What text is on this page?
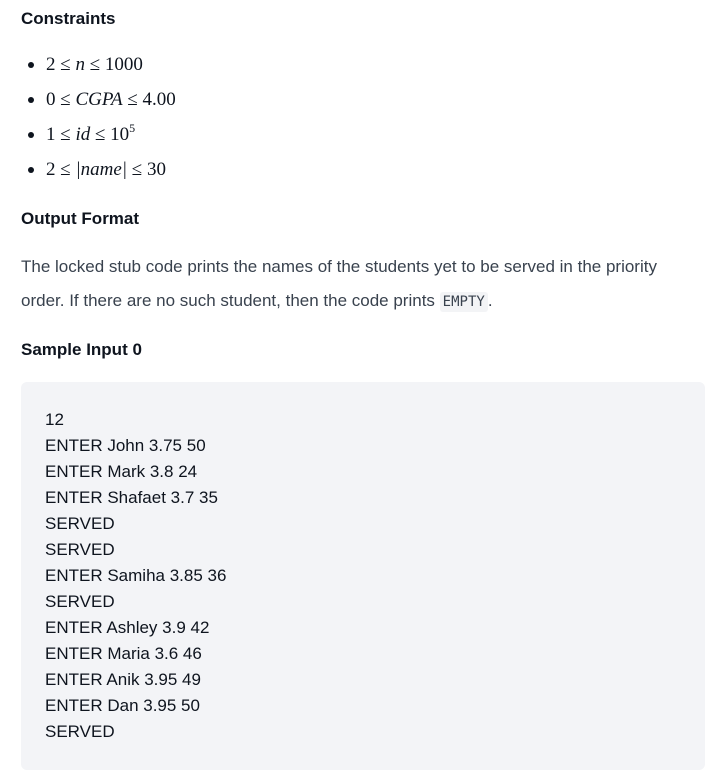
Constraints
2 ≤ n ≤ 1000
0 ≤ CGPA ≤ 4.00
1 ≤ id ≤ $10^5$
2 ≤ |name| ≤ 30
Output Format

The locked stub code prints the names of the students yet to be served in the priority order. If there are no such student, then the code prints EMPTY .

Sample Input 0
12
ENTER John 3.75 50
ENTER Mark 3.8 24
ENTER Shafaet 3.7 35
SERVED
SERVED
ENTER Samiha 3.85 36
SERVED
ENTER Ashley 3.9 42
ENTER Maria 3.6 46
ENTER Anik 3.95 49
ENTER Dan 3.95 50
SERVED
